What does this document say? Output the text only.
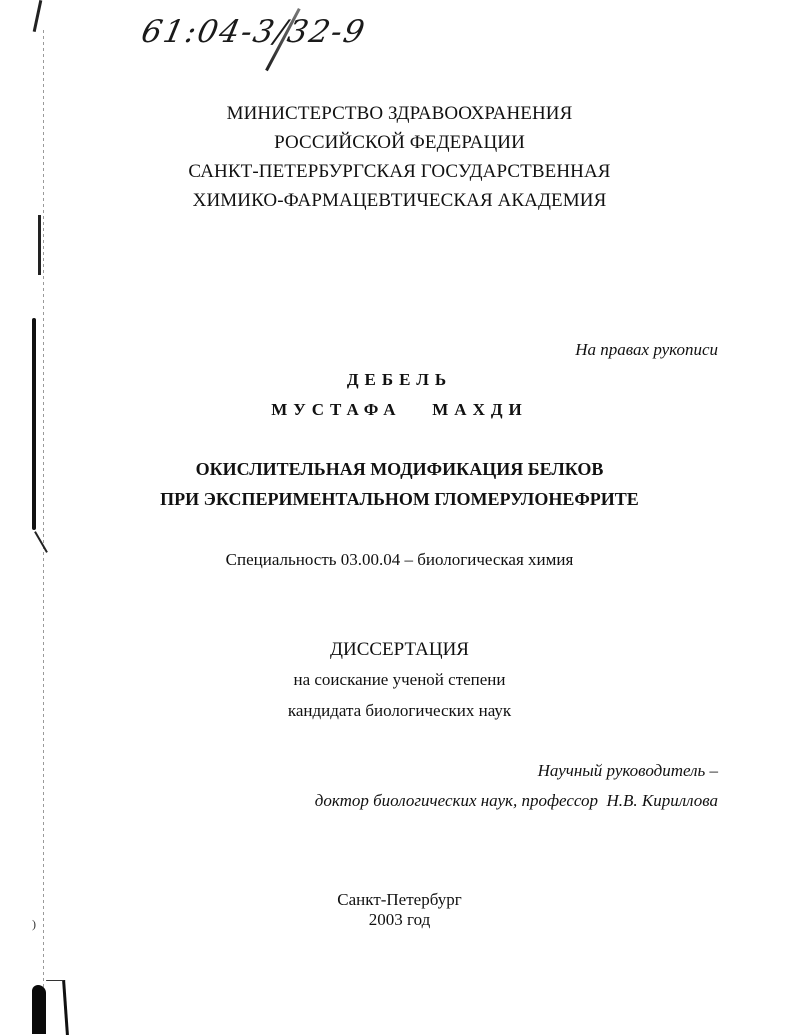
)
61:04-3/32-9
МИНИСТЕРСТВО ЗДРАВООХРАНЕНИЯ
РОССИЙСКОЙ ФЕДЕРАЦИИ
САНКТ-ПЕТЕРБУРГСКАЯ ГОСУДАРСТВЕННАЯ
ХИМИКО-ФАРМАЦЕВТИЧЕСКАЯ АКАДЕМИЯ
На правах рукописи
ДЕБЕЛЬ
МУСТАФА   МАХДИ
ОКИСЛИТЕЛЬНАЯ МОДИФИКАЦИЯ БЕЛКОВ
ПРИ ЭКСПЕРИМЕНТАЛЬНОМ ГЛОМЕРУЛОНЕФРИТЕ
Специальность 03.00.04 – биологическая химия
ДИССЕРТАЦИЯ
на соискание ученой степени
кандидата биологических наук
Научный руководитель –
доктор биологических наук, профессор  Н.В. Кириллова
Санкт-Петербург
2003 год
